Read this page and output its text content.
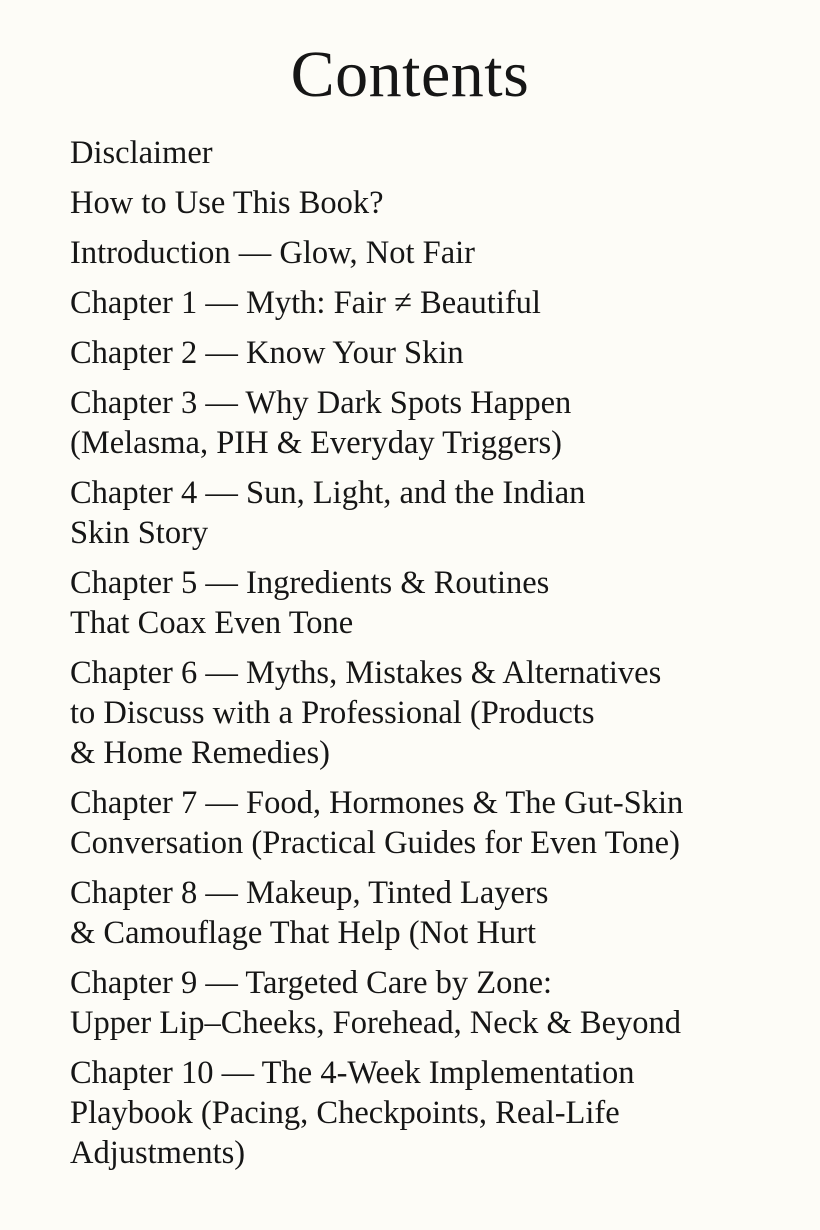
Contents
Disclaimer
How to Use This Book?
Introduction — Glow, Not Fair
Chapter 1 — Myth: Fair ≠ Beautiful
Chapter 2 — Know Your Skin
Chapter 3 — Why Dark Spots Happen
(Melasma, PIH & Everyday Triggers)
Chapter 4 — Sun, Light, and the Indian
Skin Story
Chapter 5 — Ingredients & Routines
That Coax Even Tone
Chapter 6 — Myths, Mistakes & Alternatives
to Discuss with a Professional (Products
& Home Remedies)
Chapter 7 — Food, Hormones & The Gut-Skin
Conversation (Practical Guides for Even Tone)
Chapter 8 — Makeup, Tinted Layers
& Camouflage That Help (Not Hurt
Chapter 9 — Targeted Care by Zone:
Upper Lip–Cheeks, Forehead, Neck & Beyond
Chapter 10 — The 4-Week Implementation
Playbook (Pacing, Checkpoints, Real-Life
Adjustments)
